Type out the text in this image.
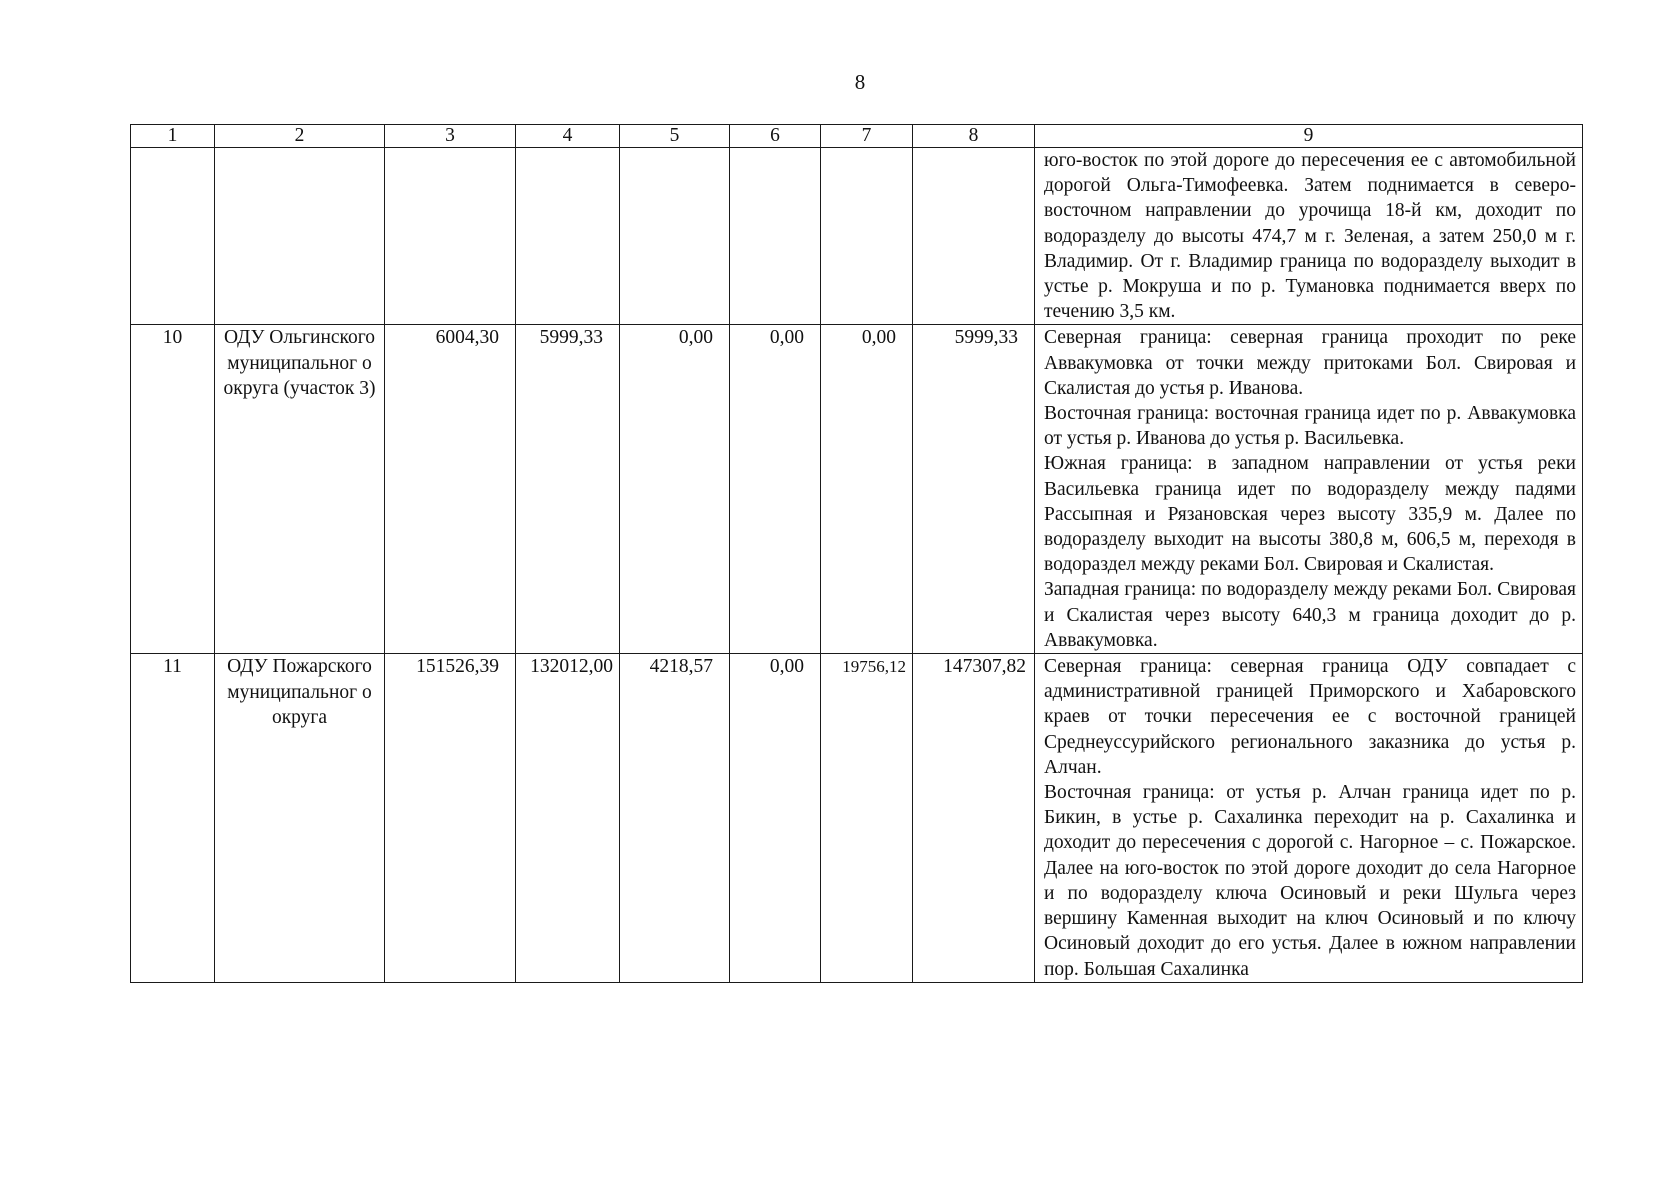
8
1	2	3	4	5	6	7	8	9

								юго-восток по этой дороге до пересечения ее с автомобильной дорогой Ольга-Тимофеевка. Затем поднимается в северо-восточном направлении до урочища 18-й км, доходит по водоразделу до высоты 474,7 м г. Зеленая, а затем 250,0 м г. Владимир. От г. Владимир граница по водоразделу выходит в устье р. Мокруша и по р. Тумановка поднимается вверх по течению 3,5 км.

10	ОДУ Ольгинского муниципальног о округа (участок 3)	6004,30	5999,33	0,00	0,00	0,00	5999,33	Северная граница: северная граница проходит по реке Аввакумовка от точки между притоками Бол. Свировая и Скалистая до устья р. Иванова.

Восточная граница: восточная граница идет по р. Аввакумовка от устья р. Иванова до устья р. Васильевка.

Южная граница: в западном направлении от устья реки Васильевка граница идет по водоразделу между падями Рассыпная и Рязановская через высоту 335,9 м. Далее по водоразделу выходит на высоты 380,8 м, 606,5 м, переходя в водораздел между реками Бол. Свировая и Скалистая.

Западная граница: по водоразделу между реками Бол. Свировая и Скалистая через высоту 640,3 м граница доходит до р. Аввакумовка.

11	ОДУ Пожарского муниципальног о округа	151526,39	132012,00	4218,57	0,00	19756,12	147307,82	Северная граница: северная граница ОДУ совпадает с административной границей Приморского и Хабаровского краев от точки пересечения ее с восточной границей Среднеуссурийского регионального заказника до устья р. Алчан.

Восточная граница: от устья р. Алчан граница идет по р. Бикин, в устье р. Сахалинка переходит на р. Сахалинка и доходит до пересечения с дорогой с. Нагорное – с. Пожарское. Далее на юго-восток по этой дороге доходит до села Нагорное и по водоразделу ключа Осиновый и реки Шульга через вершину Каменная выходит на ключ Осиновый и по ключу Осиновый доходит до его устья. Далее в южном направлении пор. Большая Сахалинка
